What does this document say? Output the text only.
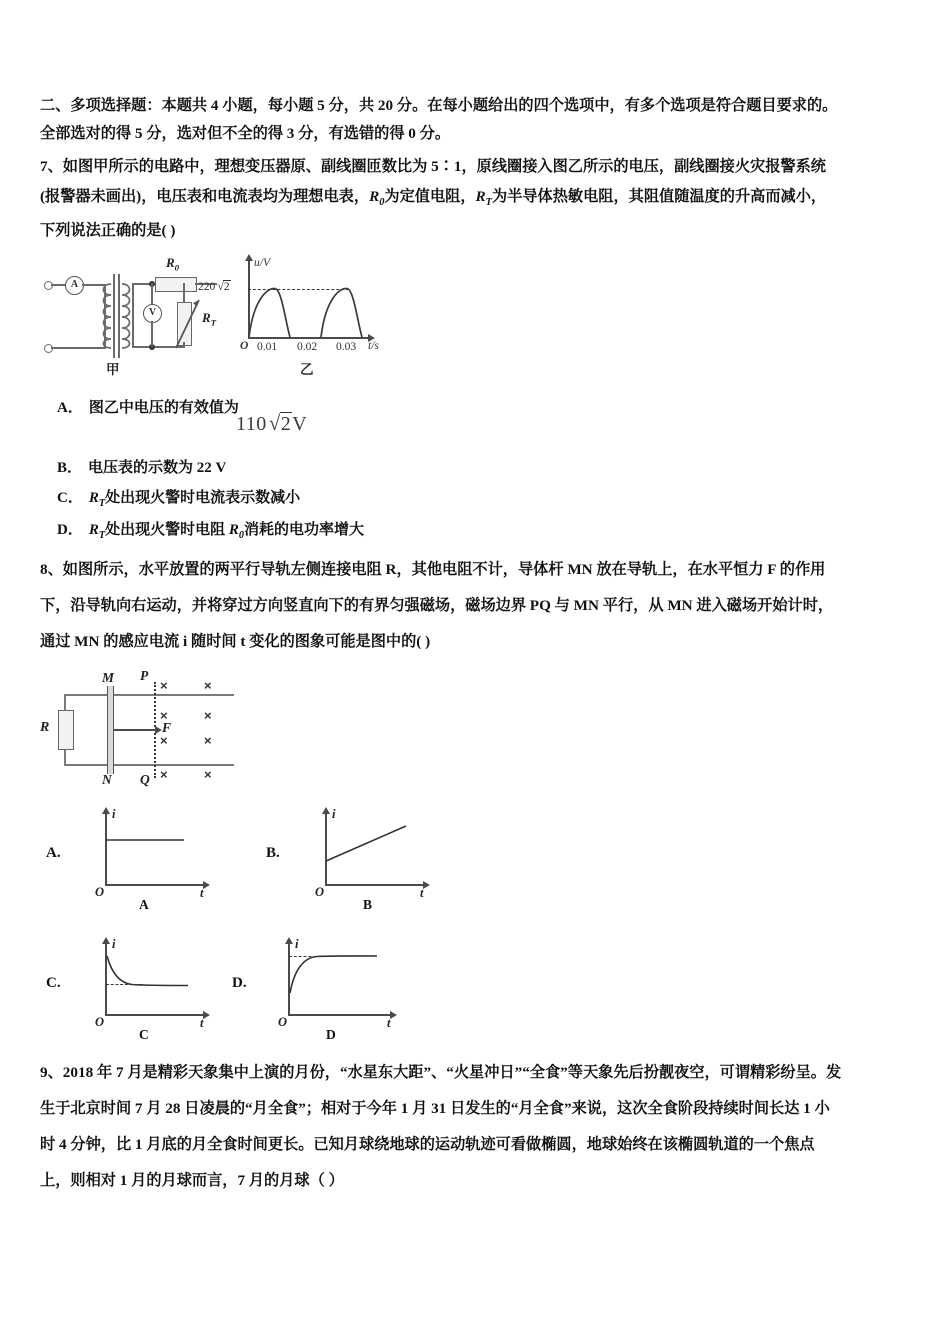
二、多项选择题：本题共 4 小题，每小题 5 分，共 20 分。在每小题给出的四个选项中，有多个选项是符合题目要求的。
全部选对的得 5 分，选对但不全的得 3 分，有选错的得 0 分。
7、如图甲所示的电路中，理想变压器原、副线圈匝数比为 5∶1，原线圈接入图乙所示的电压，副线圈接火灾报警系统
(报警器未画出)，电压表和电流表均为理想电表，$R_0$为定值电阻，$R_T$为半导体热敏电阻，其阻值随温度的升高而减小，
下列说法正确的是( )
A
V
$R_0$
$R_T$
甲
u/V
t/s
220 √2
O 0.01 0.02 0.03
乙
A． 图乙中电压的有效值为
110√2V
B． 电压表的示数为 22 V
C． $R_T$处出现火警时电流表示数减小
D． $R_T$处出现火警时电阻 $R_0$消耗的电功率增大
8、如图所示，水平放置的两平行导轨左侧连接电阻 R，其他电阻不计，导体杆 MN 放在导轨上，在水平恒力 F 的作用
下，沿导轨向右运动，并将穿过方向竖直向下的有界匀强磁场，磁场边界 PQ 与 MN 平行，从 MN 进入磁场开始计时，
通过 MN 的感应电流 i 随时间 t 变化的图象可能是图中的( )
R
M
N
P
Q
F
×	×
×	×
×	×
×	×
A.
i
t
O
A
B.
i
t
O
B
C.
i
t
O
C
D.
i
t
O
D
9、2018 年 7 月是精彩天象集中上演的月份，“水星东大距”、“火星冲日”“全食”等天象先后扮靓夜空，可谓精彩纷呈。发
生于北京时间 7 月 28 日凌晨的“月全食”；相对于今年 1 月 31 日发生的“月全食”来说，这次全食阶段持续时间长达 1 小
时 4 分钟，比 1 月底的月全食时间更长。已知月球绕地球的运动轨迹可看做椭圆，地球始终在该椭圆轨道的一个焦点
上，则相对 1 月的月球而言，7 月的月球（ ）
